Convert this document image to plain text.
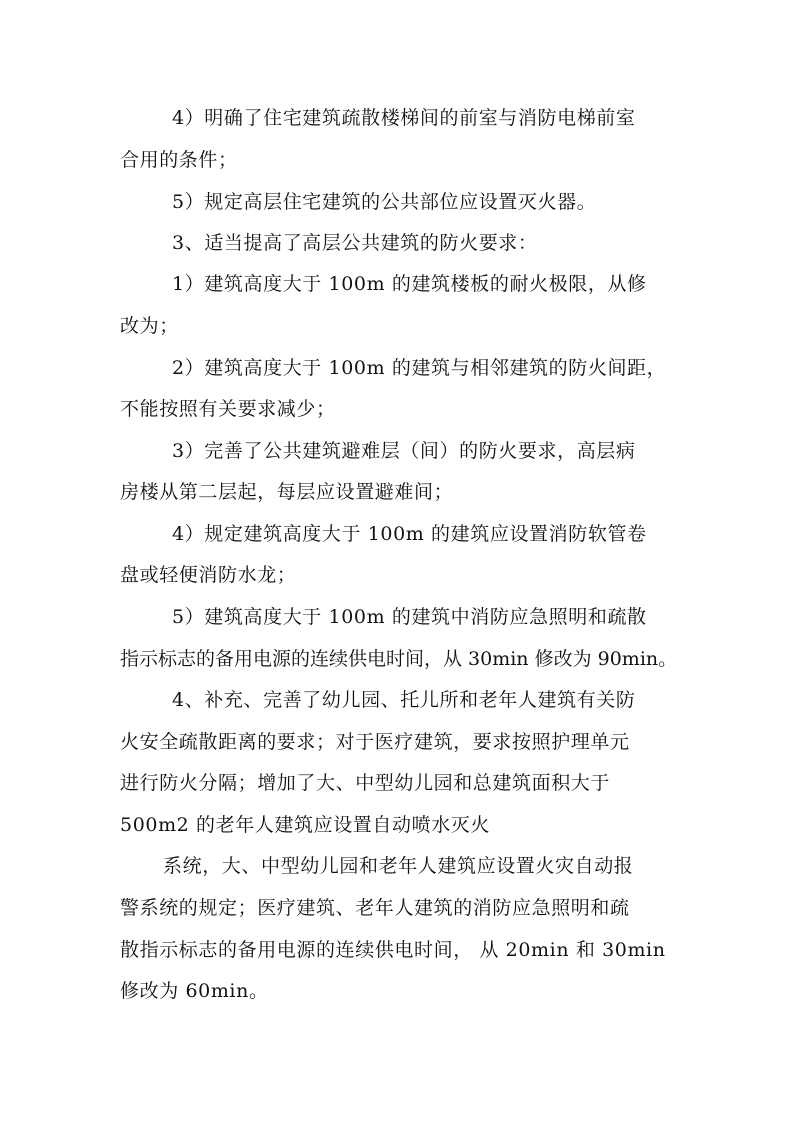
4）明确了住宅建筑疏散楼梯间的前室与消防电梯前室

合用的条件；

5）规定高层住宅建筑的公共部位应设置灭火器。

3、适当提高了高层公共建筑的防火要求：

1）建筑高度大于 100m 的建筑楼板的耐火极限，从修

改为；

2）建筑高度大于 100m 的建筑与相邻建筑的防火间距，

不能按照有关要求减少；

3）完善了公共建筑避难层（间）的防火要求，高层病

房楼从第二层起，每层应设置避难间；

4）规定建筑高度大于 100m 的建筑应设置消防软管卷

盘或轻便消防水龙；

5）建筑高度大于 100m 的建筑中消防应急照明和疏散

指示标志的备用电源的连续供电时间，从 30min 修改为 90min。

4、补充、完善了幼儿园、托儿所和老年人建筑有关防

火安全疏散距离的要求；对于医疗建筑，要求按照护理单元

进行防火分隔；增加了大、中型幼儿园和总建筑面积大于

500m2 的老年人建筑应设置自动喷水灭火

系统，大、中型幼儿园和老年人建筑应设置火灾自动报

警系统的规定；医疗建筑、老年人建筑的消防应急照明和疏

散指示标志的备用电源的连续供电时间， 从 20min 和 30min

修改为 60min。
